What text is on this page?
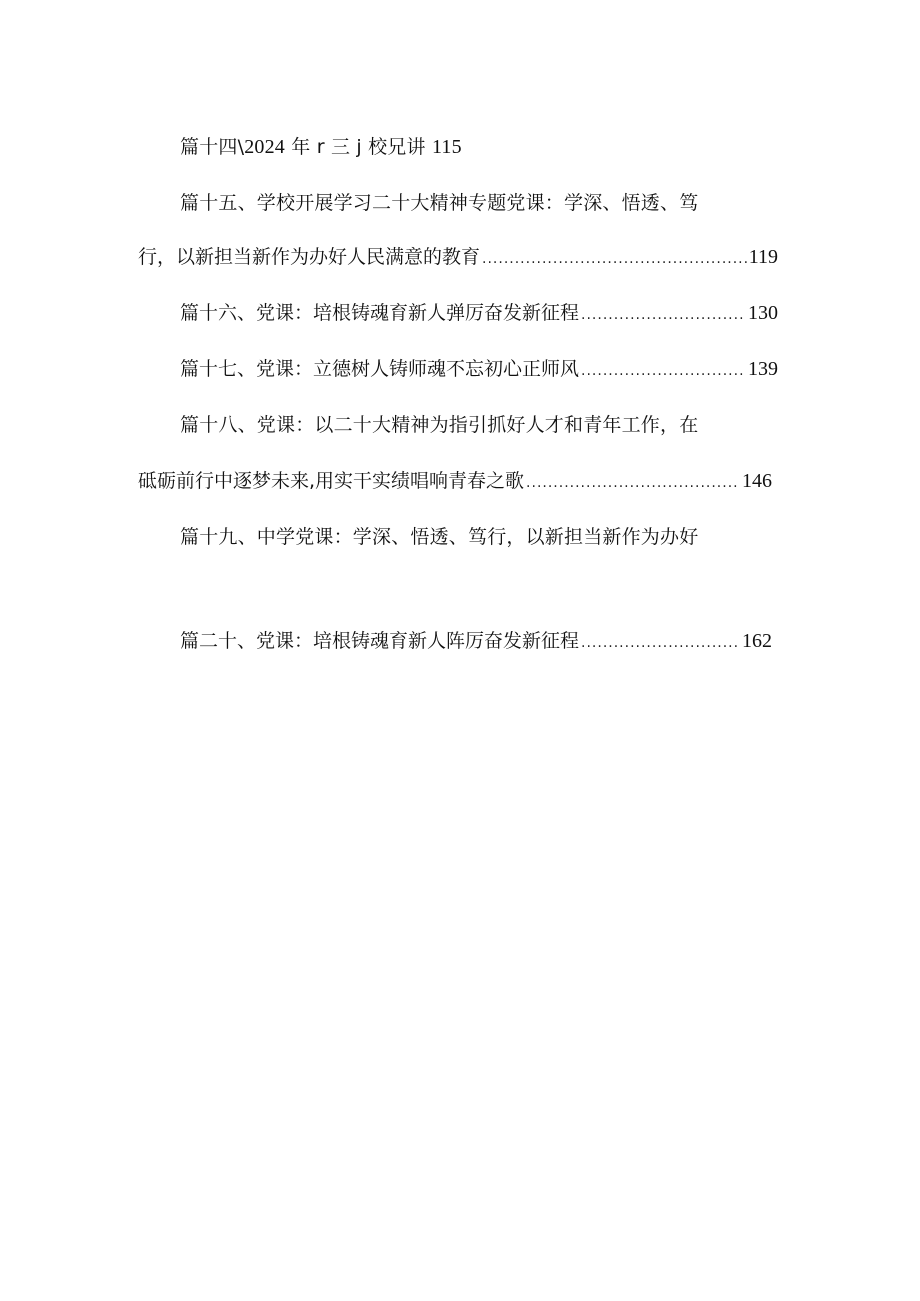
篇十四\2024 年 r 三 j 校兄讲 115
篇十五、学校开展学习二十大精神专题党课：学深、悟透、笃
行，以新担当新作为办好人民满意的教育 .....	119
篇十六、党课：培根铸魂育新人弹厉奋发新征程 .....	130
篇十七、党课：立德树人铸师魂不忘初心正师风 .....	139
篇十八、党课：以二十大精神为指引抓好人才和青年工作，在
砥砺前行中逐梦未来,用实干实绩唱响青春之歌 .....	146
篇十九、中学党课：学深、悟透、笃行，以新担当新作为办好
篇二十、党课：培根铸魂育新人阵厉奋发新征程 .....	162
